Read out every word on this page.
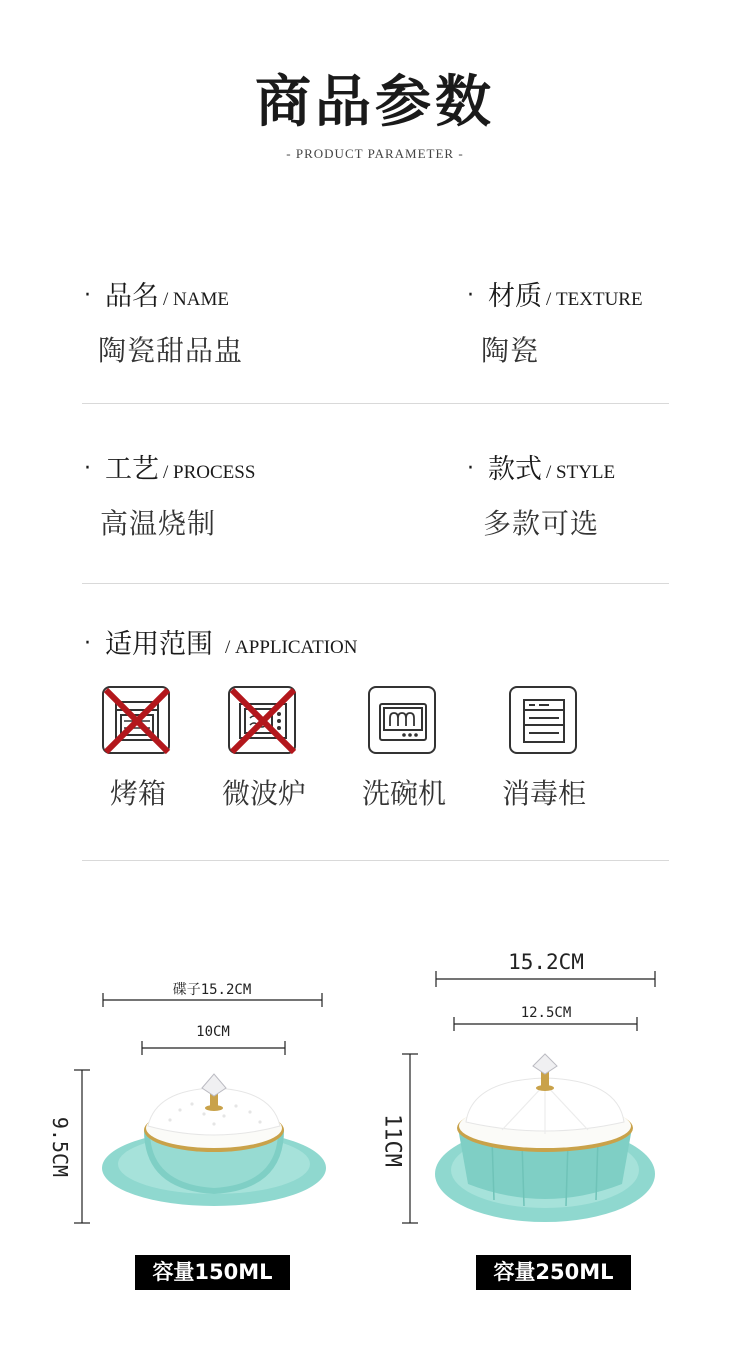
商品参数
- PRODUCT PARAMETER -
· 品名 / NAME
陶瓷甜品盅
· 材质 / TEXTURE
陶瓷
· 工艺 / PROCESS
高温烧制
· 款式 / STYLE
多款可选
· 适用范围 / APPLICATION
烤箱	微波炉	洗碗机	消毒柜
碟子15.2CM
10CM
9.5CM
容量150ML
15.2CM
12.5CM
11CM
容量250ML
